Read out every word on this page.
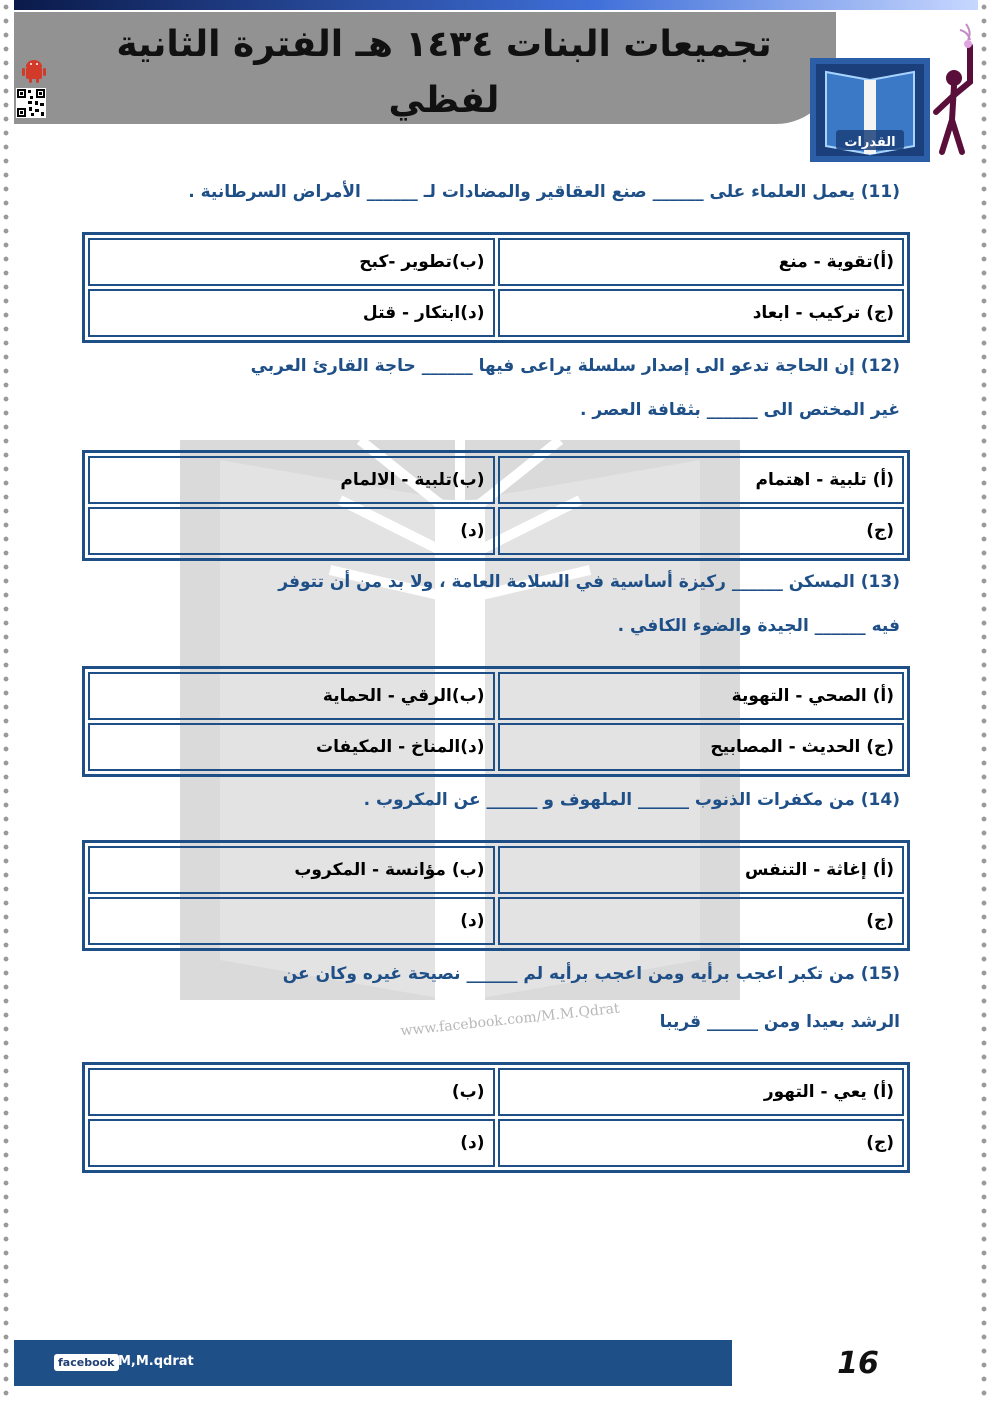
تجميعات البنات ١٤٣٤ هـ الفترة الثانية
لفظي
القدرات
www.facebook.com/M.M.Qdrat
(11) يعمل العلماء على ______ صنع العقاقير والمضادات لـ ______ الأمراض السرطانية .
(أ)تقوية - منع	(ب)تطوير -كبح
(ج) تركيب - ابعاد	(د)ابتكار - قتل
(12) إن الحاجة تدعو الى إصدار سلسلة يراعى فيها ______ حاجة القارئ العربي
غير المختص الى ______ بثقافة العصر .
(أ) تلبية - اهتمام	(ب)تلبية - الالمام
(ج)	(د)
(13) المسكن ______ ركيزة أساسية في السلامة العامة ، ولا بد من أن تتوفر
فيه ______ الجيدة والضوء الكافي .
(أ) الصحي - التهوية	(ب)الرقي - الحماية
(ج) الحديث - المصابيح	(د)المناخ - المكيفات
(14) من مكفرات الذنوب ______ الملهوف و ______ عن المكروب .
(أ) إغاثة - التنفس	(ب) مؤانسة - المكروب
(ج)	(د)
(15) من تكبر اعجب برأيه ومن اعجب برأيه لم ______ نصيحة غيره وكان عن
الرشد بعيدا ومن ______ قريبا
(أ) يعي - التهور	(ب)
(ج)	(د)
facebook M,M.qdrat	16
